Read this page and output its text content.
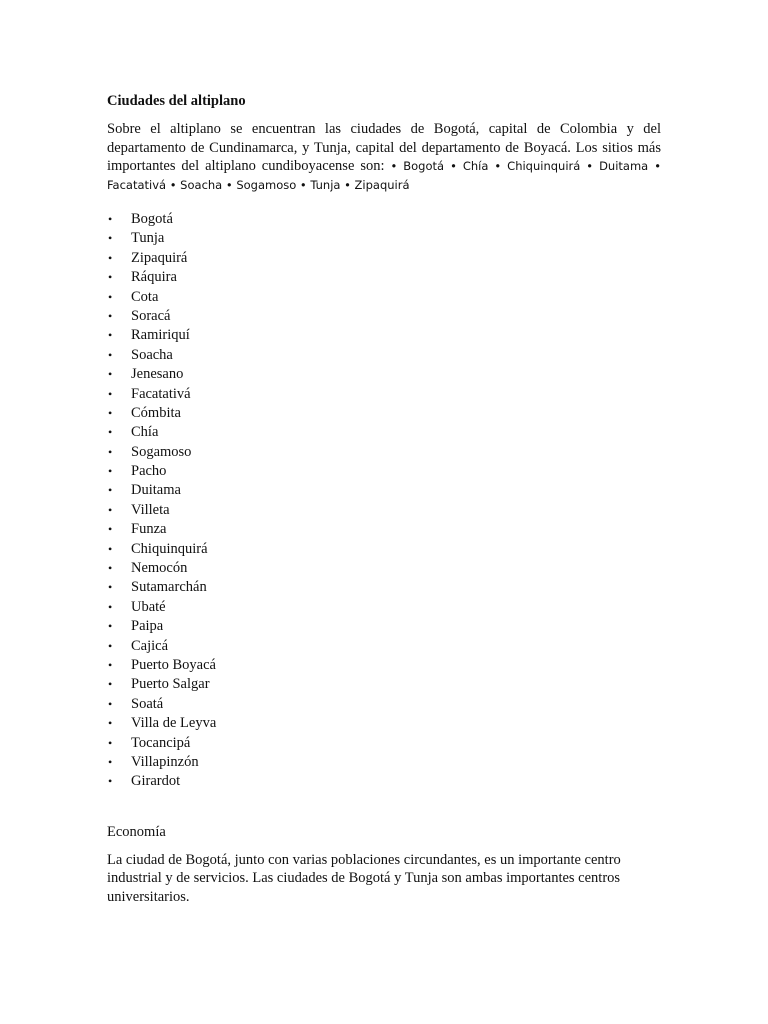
Ciudades del altiplano

Sobre el altiplano se encuentran las ciudades de Bogotá, capital de Colombia y del departamento de Cundinamarca, y Tunja, capital del departamento de Boyacá. Los sitios más importantes del altiplano cundiboyacense son: • Bogotá • Chía • Chiquinquirá • Duitama • Facatativá • Soacha • Sogamoso • Tunja • Zipaquirá

• Bogotá
• Tunja
• Zipaquirá
• Ráquira
• Cota
• Soracá
• Ramiriquí
• Soacha
• Jenesano
• Facatativá
• Cómbita
• Chía
• Sogamoso
• Pacho
• Duitama
• Villeta
• Funza
• Chiquinquirá
• Nemocón
• Sutamarchán
• Ubaté
• Paipa
• Cajicá
• Puerto Boyacá
• Puerto Salgar
• Soatá
• Villa de Leyva
• Tocancipá
• Villapinzón
• Girardot
Economía

La ciudad de Bogotá, junto con varias poblaciones circundantes, es un importante centro industrial y de servicios. Las ciudades de Bogotá y Tunja son ambas importantes centros universitarios.
